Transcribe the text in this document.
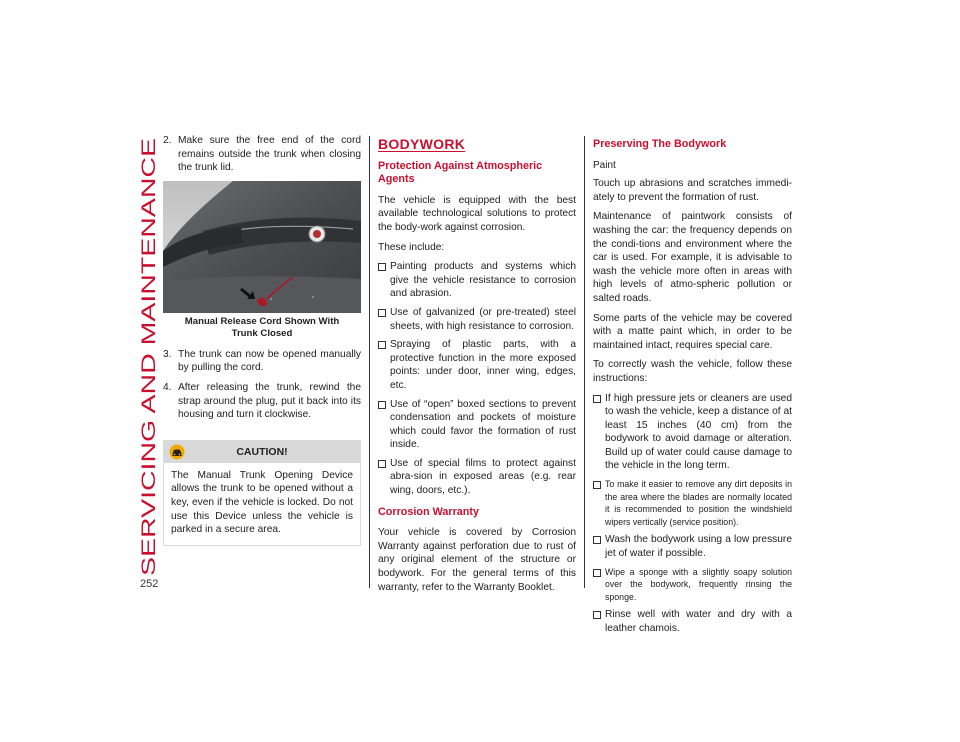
SERVICING AND MAINTENANCE
252
2. Make sure the free end of the cord remains outside the trunk when closing the trunk lid.
Manual Release Cord Shown With Trunk Closed
3. The trunk can now be opened manually by pulling the cord.
4. After releasing the trunk, rewind the strap around the plug, put it back into its housing and turn it clockwise.
CAUTION!
The Manual Trunk Opening Device allows the trunk to be opened without a key, even if the vehicle is locked. Do not use this Device unless the vehicle is parked in a secure area.
BODYWORK
Protection Against Atmospheric Agents

The vehicle is equipped with the best available technological solutions to protect the body-work against corrosion.

These include:

Painting products and systems which give the vehicle resistance to corrosion and abrasion.
Use of galvanized (or pre-treated) steel sheets, with high resistance to corrosion.
Spraying of plastic parts, with a protective function in the more exposed points: under door, inner wing, edges, etc.
Use of “open” boxed sections to prevent condensation and pockets of moisture which could favor the formation of rust inside.
Use of special films to protect against abra-sion in exposed areas (e.g. rear wing, doors, etc.).
Corrosion Warranty

Your vehicle is covered by Corrosion Warranty against perforation due to rust of any original element of the structure or bodywork. For the general terms of this warranty, refer to the Warranty Booklet.

Preserving The Bodywork
Paint

Touch up abrasions and scratches immedi-ately to prevent the formation of rust.

Maintenance of paintwork consists of washing the car: the frequency depends on the condi-tions and environment where the car is used. For example, it is advisable to wash the vehicle more often in areas with high levels of atmo-spheric pollution or salted roads.

Some parts of the vehicle may be covered with a matte paint which, in order to be maintained intact, requires special care.

To correctly wash the vehicle, follow these instructions:

If high pressure jets or cleaners are used to wash the vehicle, keep a distance of at least 15 inches (40 cm) from the bodywork to avoid damage or alteration. Build up of water could cause damage to the vehicle in the long term.
To make it easier to remove any dirt deposits in the area where the blades are normally located it is recommended to position the windshield wipers vertically (service position).
Wash the bodywork using a low pressure jet of water if possible.
Wipe a sponge with a slightly soapy solution over the bodywork, frequently rinsing the sponge.
Rinse well with water and dry with a leather chamois.
